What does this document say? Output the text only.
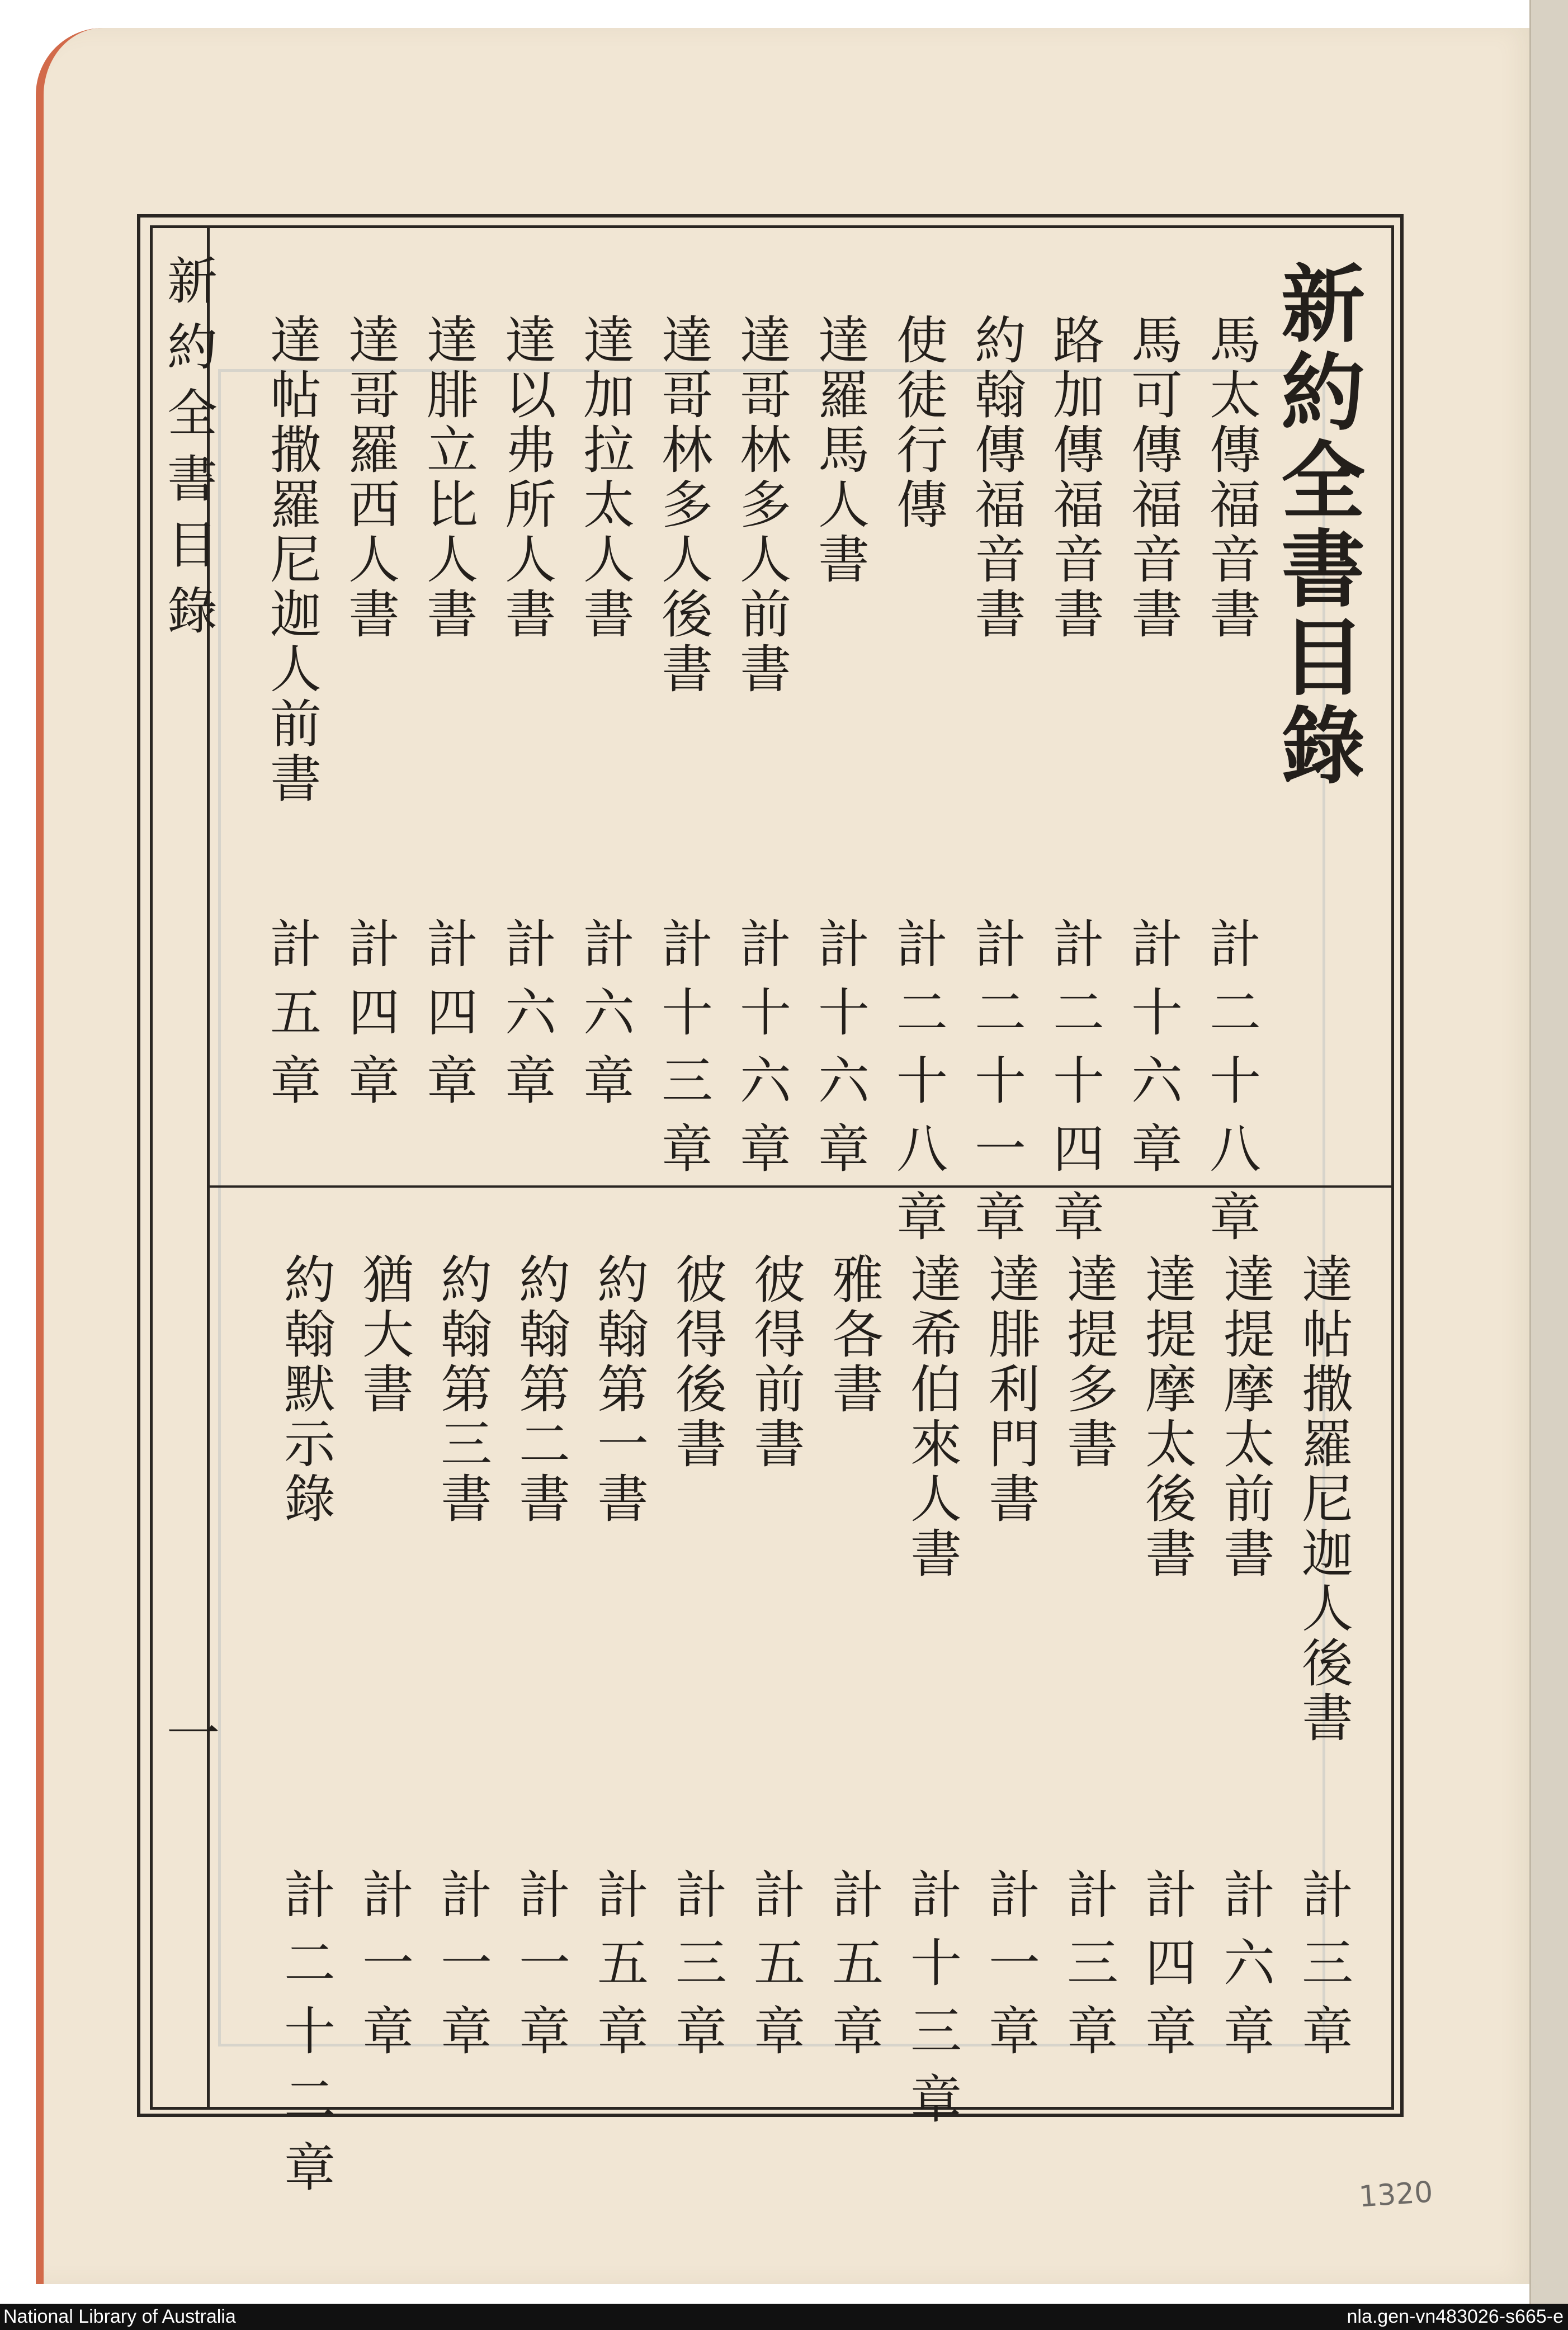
新約全書目錄
新約全書目錄
一
馬太傳福音書
計二十八章
馬可傳福音書
計十六章
路加傳福音書
計二十四章
約翰傳福音書
計二十一章
使徒行傳
計二十八章
達羅馬人書
計十六章
達哥林多人前書
計十六章
達哥林多人後書
計十三章
達加拉太人書
計六章
達以弗所人書
計六章
達腓立比人書
計四章
達哥羅西人書
計四章
達帖撒羅尼迦人前書
計五章
達帖撒羅尼迦人後書
計三章
達提摩太前書
計六章
達提摩太後書
計四章
達提多書
計三章
達腓利門書
計一章
達希伯來人書
計十三章
雅各書
計五章
彼得前書
計五章
彼得後書
計三章
約翰第一書
計五章
約翰第二書
計一章
約翰第三書
計一章
猶大書
計一章
約翰默示錄
計二十二章	1320
National Library of Australia	nla.gen-vn483026-s665-e
